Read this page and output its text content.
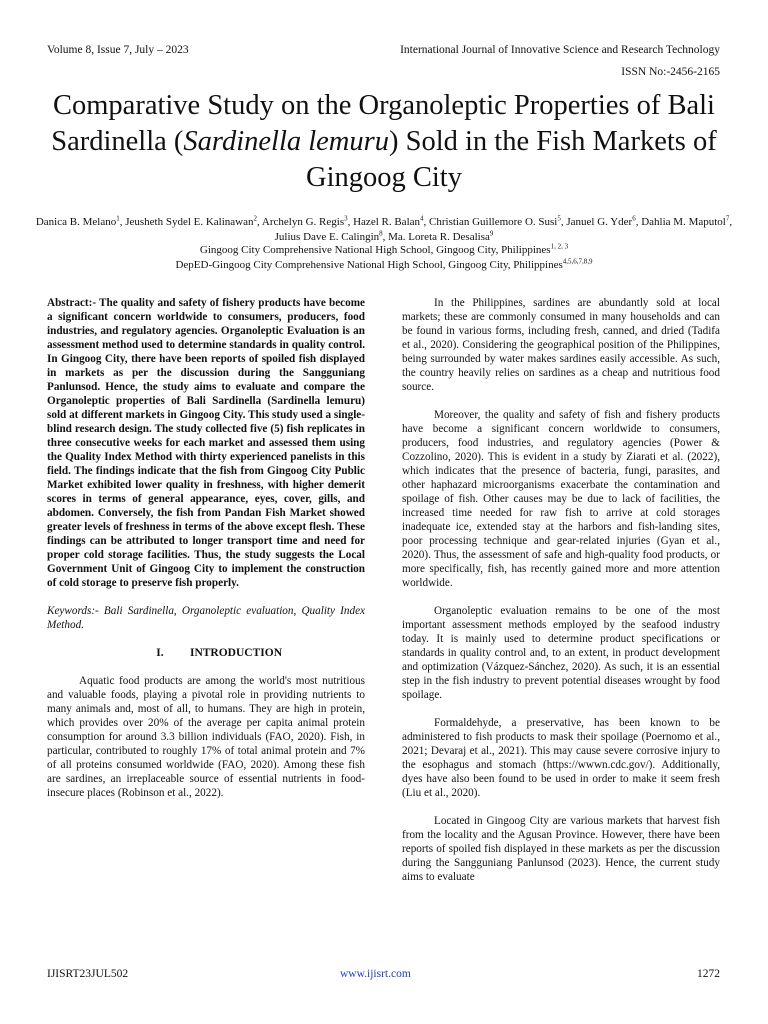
Volume 8, Issue 7, July – 2023	International Journal of Innovative Science and Research Technology
ISSN No:-2456-2165
Comparative Study on the Organoleptic Properties of Bali Sardinella (Sardinella lemuru) Sold in the Fish Markets of Gingoog City
Danica B. Melano$^1$, Jeusheth Sydel E. Kalinawan$^2$, Archelyn G. Regis$^3$, Hazel R. Balan$^4$, Christian Guillemore O. Susi$^5$, Januel G. Yder$^6$, Dahlia M. Maputol$^7$, Julius Dave E. Calingin$^8$, Ma. Loreta R. Desalisa$^9$
Gingoog City Comprehensive National High School, Gingoog City, Philippines$^{1, 2, 3}$
DepED-Gingoog City Comprehensive National High School, Gingoog City, Philippines$^{4,5,6,7,8,9}$

Abstract:- The quality and safety of fishery products have become a significant concern worldwide to consumers, producers, food industries, and regulatory agencies. Organoleptic Evaluation is an assessment method used to determine standards in quality control. In Gingoog City, there have been reports of spoiled fish displayed in markets as per the discussion during the Sangguniang Panlunsod. Hence, the study aims to evaluate and compare the Organoleptic properties of Bali Sardinella (Sardinella lemuru) sold at different markets in Gingoog City. This study used a single-blind research design. The study collected five (5) fish replicates in three consecutive weeks for each market and assessed them using the Quality Index Method with thirty experienced panelists in this field. The findings indicate that the fish from Gingoog City Public Market exhibited lower quality in freshness, with higher demerit scores in terms of general appearance, eyes, cover, gills, and abdomen. Conversely, the fish from Pandan Fish Market showed greater levels of freshness in terms of the above except flesh. These findings can be attributed to longer transport time and need for proper cold storage facilities. Thus, the study suggests the Local Government Unit of Gingoog City to implement the construction of cold storage to preserve fish properly.

Keywords:- Bali Sardinella, Organoleptic evaluation, Quality Index Method.

I. INTRODUCTION

Aquatic food products are among the world's most nutritious and valuable foods, playing a pivotal role in providing nutrients to many animals and, most of all, to humans. They are high in protein, which provides over 20% of the average per capita animal protein consumption for around 3.3 billion individuals (FAO, 2020). Fish, in particular, contributed to roughly 17% of total animal protein and 7% of all proteins consumed worldwide (FAO, 2020). Among these fish are sardines, an irreplaceable source of essential nutrients in food-insecure places (Robinson et al., 2022).

In the Philippines, sardines are abundantly sold at local markets; these are commonly consumed in many households and can be found in various forms, including fresh, canned, and dried (Tadifa et al., 2020). Considering the geographical position of the Philippines, being surrounded by water makes sardines easily accessible. As such, the country heavily relies on sardines as a cheap and nutritious food source.

Moreover, the quality and safety of fish and fishery products have become a significant concern worldwide to consumers, producers, food industries, and regulatory agencies (Power & Cozzolino, 2020). This is evident in a study by Ziarati et al. (2022), which indicates that the presence of bacteria, fungi, parasites, and other haphazard microorganisms exacerbate the contamination and spoilage of fish. Other causes may be due to lack of facilities, the increased time needed for raw fish to arrive at cold storages inadequate ice, extended stay at the harbors and fish-landing sites, poor processing technique and gear-related injuries (Gyan et al., 2020). Thus, the assessment of safe and high-quality food products, or more specifically, fish, has recently gained more and more attention worldwide.

Organoleptic evaluation remains to be one of the most important assessment methods employed by the seafood industry today. It is mainly used to determine product specifications or standards in quality control and, to an extent, in product development and optimization (Vázquez-Sánchez, 2020). As such, it is an essential step in the fish industry to prevent potential diseases wrought by food spoilage.

Formaldehyde, a preservative, has been known to be administered to fish products to mask their spoilage (Poernomo et al., 2021; Devaraj et al., 2021). This may cause severe corrosive injury to the esophagus and stomach (https://wwwn.cdc.gov/). Additionally, dyes have also been found to be used in order to make it seem fresh (Liu et al., 2020).

Located in Gingoog City are various markets that harvest fish from the locality and the Agusan Province. However, there have been reports of spoiled fish displayed in these markets as per the discussion during the Sangguniang Panlunsod (2023). Hence, the current study aims to evaluate

IJISRT23JUL502	www.ijisrt.com	1272
